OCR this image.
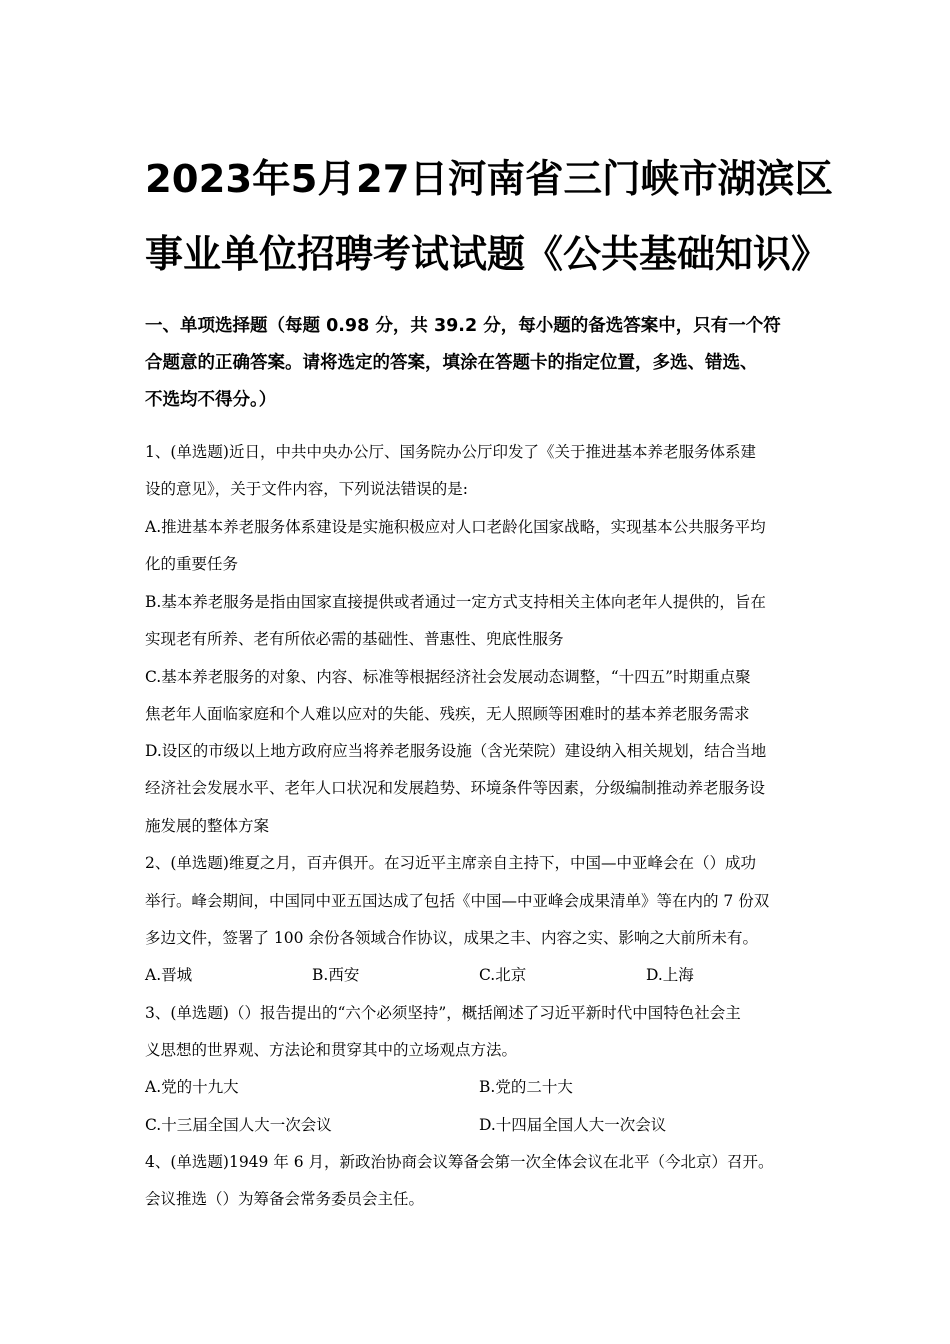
2023年5月27日河南省三门峡市湖滨区
事业单位招聘考试试题《公共基础知识》
一、单项选择题（每题 0.98 分，共 39.2 分，每小题的备选答案中，只有一个符
合题意的正确答案。请将选定的答案，填涂在答题卡的指定位置，多选、错选、
不选均不得分。）
1、(单选题)近日，中共中央办公厅、国务院办公厅印发了《关于推进基本养老服务体系建
设的意见》，关于文件内容，下列说法错误的是:
A.推进基本养老服务体系建设是实施积极应对人口老龄化国家战略，实现基本公共服务平均
化的重要任务
B.基本养老服务是指由国家直接提供或者通过一定方式支持相关主体向老年人提供的，旨在
实现老有所养、老有所依必需的基础性、普惠性、兜底性服务
C.基本养老服务的对象、内容、标准等根据经济社会发展动态调整，“十四五”时期重点聚
焦老年人面临家庭和个人难以应对的失能、残疾，无人照顾等困难时的基本养老服务需求
D.设区的市级以上地方政府应当将养老服务设施（含光荣院）建设纳入相关规划，结合当地
经济社会发展水平、老年人口状况和发展趋势、环境条件等因素，分级编制推动养老服务设
施发展的整体方案
2、(单选题)维夏之月，百卉俱开。在习近平主席亲自主持下，中国—中亚峰会在（）成功
举行。峰会期间，中国同中亚五国达成了包括《中国—中亚峰会成果清单》等在内的 7 份双
多边文件，签署了 100 余份各领域合作协议，成果之丰、内容之实、影响之大前所未有。
A.晋城	B.西安	C.北京	D.上海
3、(单选题)（）报告提出的“六个必须坚持”，概括阐述了习近平新时代中国特色社会主
义思想的世界观、方法论和贯穿其中的立场观点方法。
A.党的十九大	B.党的二十大
C.十三届全国人大一次会议	D.十四届全国人大一次会议
4、(单选题)1949 年 6 月，新政治协商会议筹备会第一次全体会议在北平（今北京）召开。
会议推选（）为筹备会常务委员会主任。
